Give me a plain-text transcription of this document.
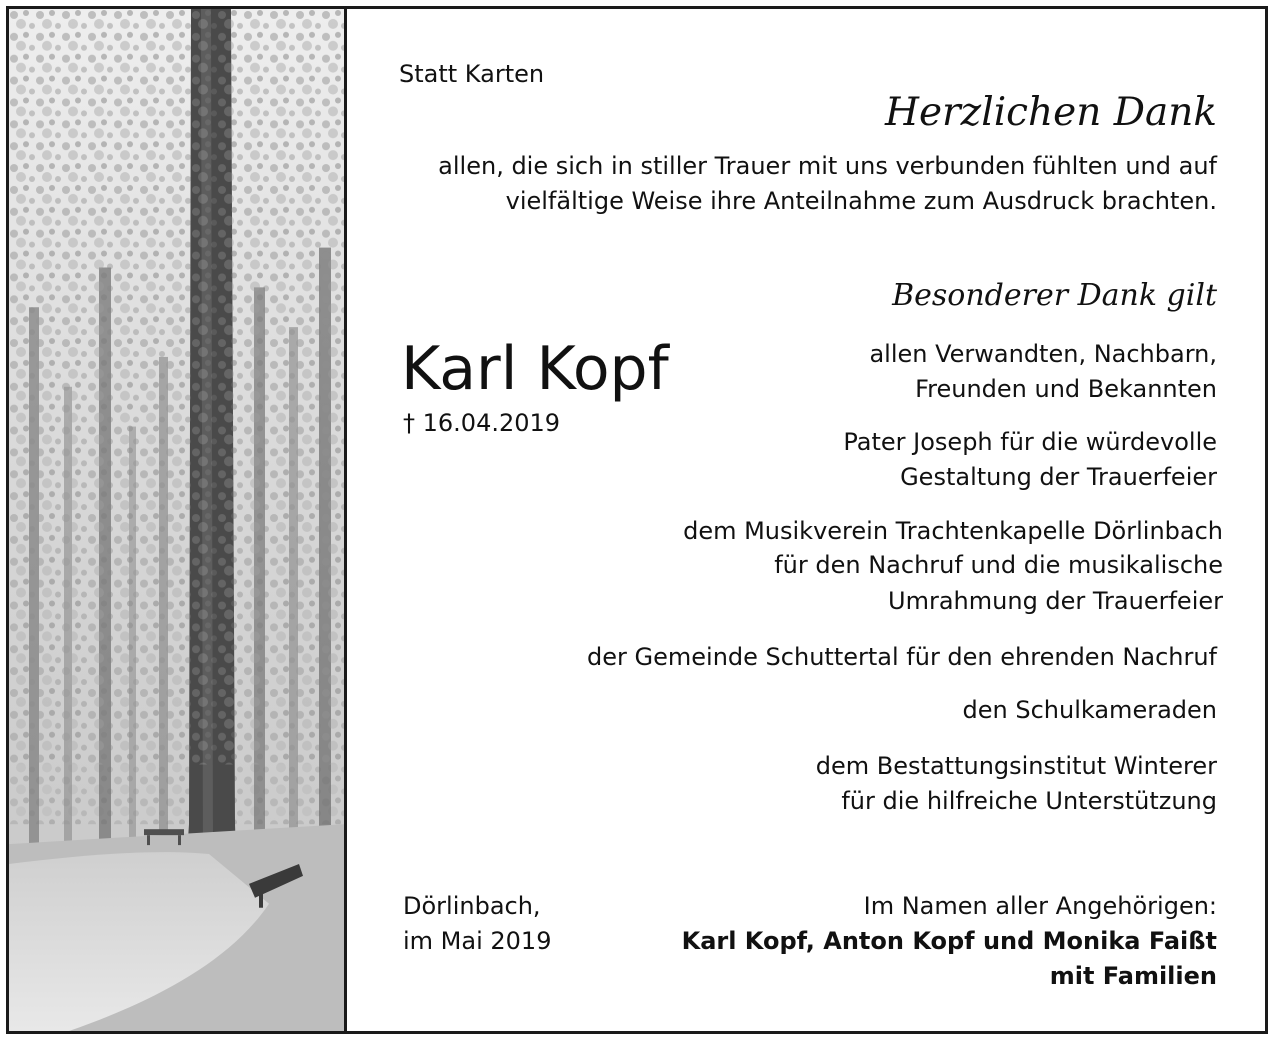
Statt Karten
Herzlichen Dank
allen, die sich in stiller Trauer mit uns verbunden fühlten und auf
vielfältige Weise ihre Anteilnahme zum Ausdruck brachten.
Besonderer Dank gilt
Karl Kopf
† 16.04.2019
allen Verwandten, Nachbarn,
Freunden und Bekannten
Pater Joseph für die würdevolle
Gestaltung der Trauerfeier
dem Musikverein Trachtenkapelle Dörlinbach
für den Nachruf und die musikalische
Umrahmung der Trauerfeier
der Gemeinde Schuttertal für den ehrenden Nachruf
den Schulkameraden
dem Bestattungsinstitut Winterer
für die hilfreiche Unterstützung
Dörlinbach,
im Mai 2019
Im Namen aller Angehörigen:
Karl Kopf, Anton Kopf und Monika Faißt
mit Familien
